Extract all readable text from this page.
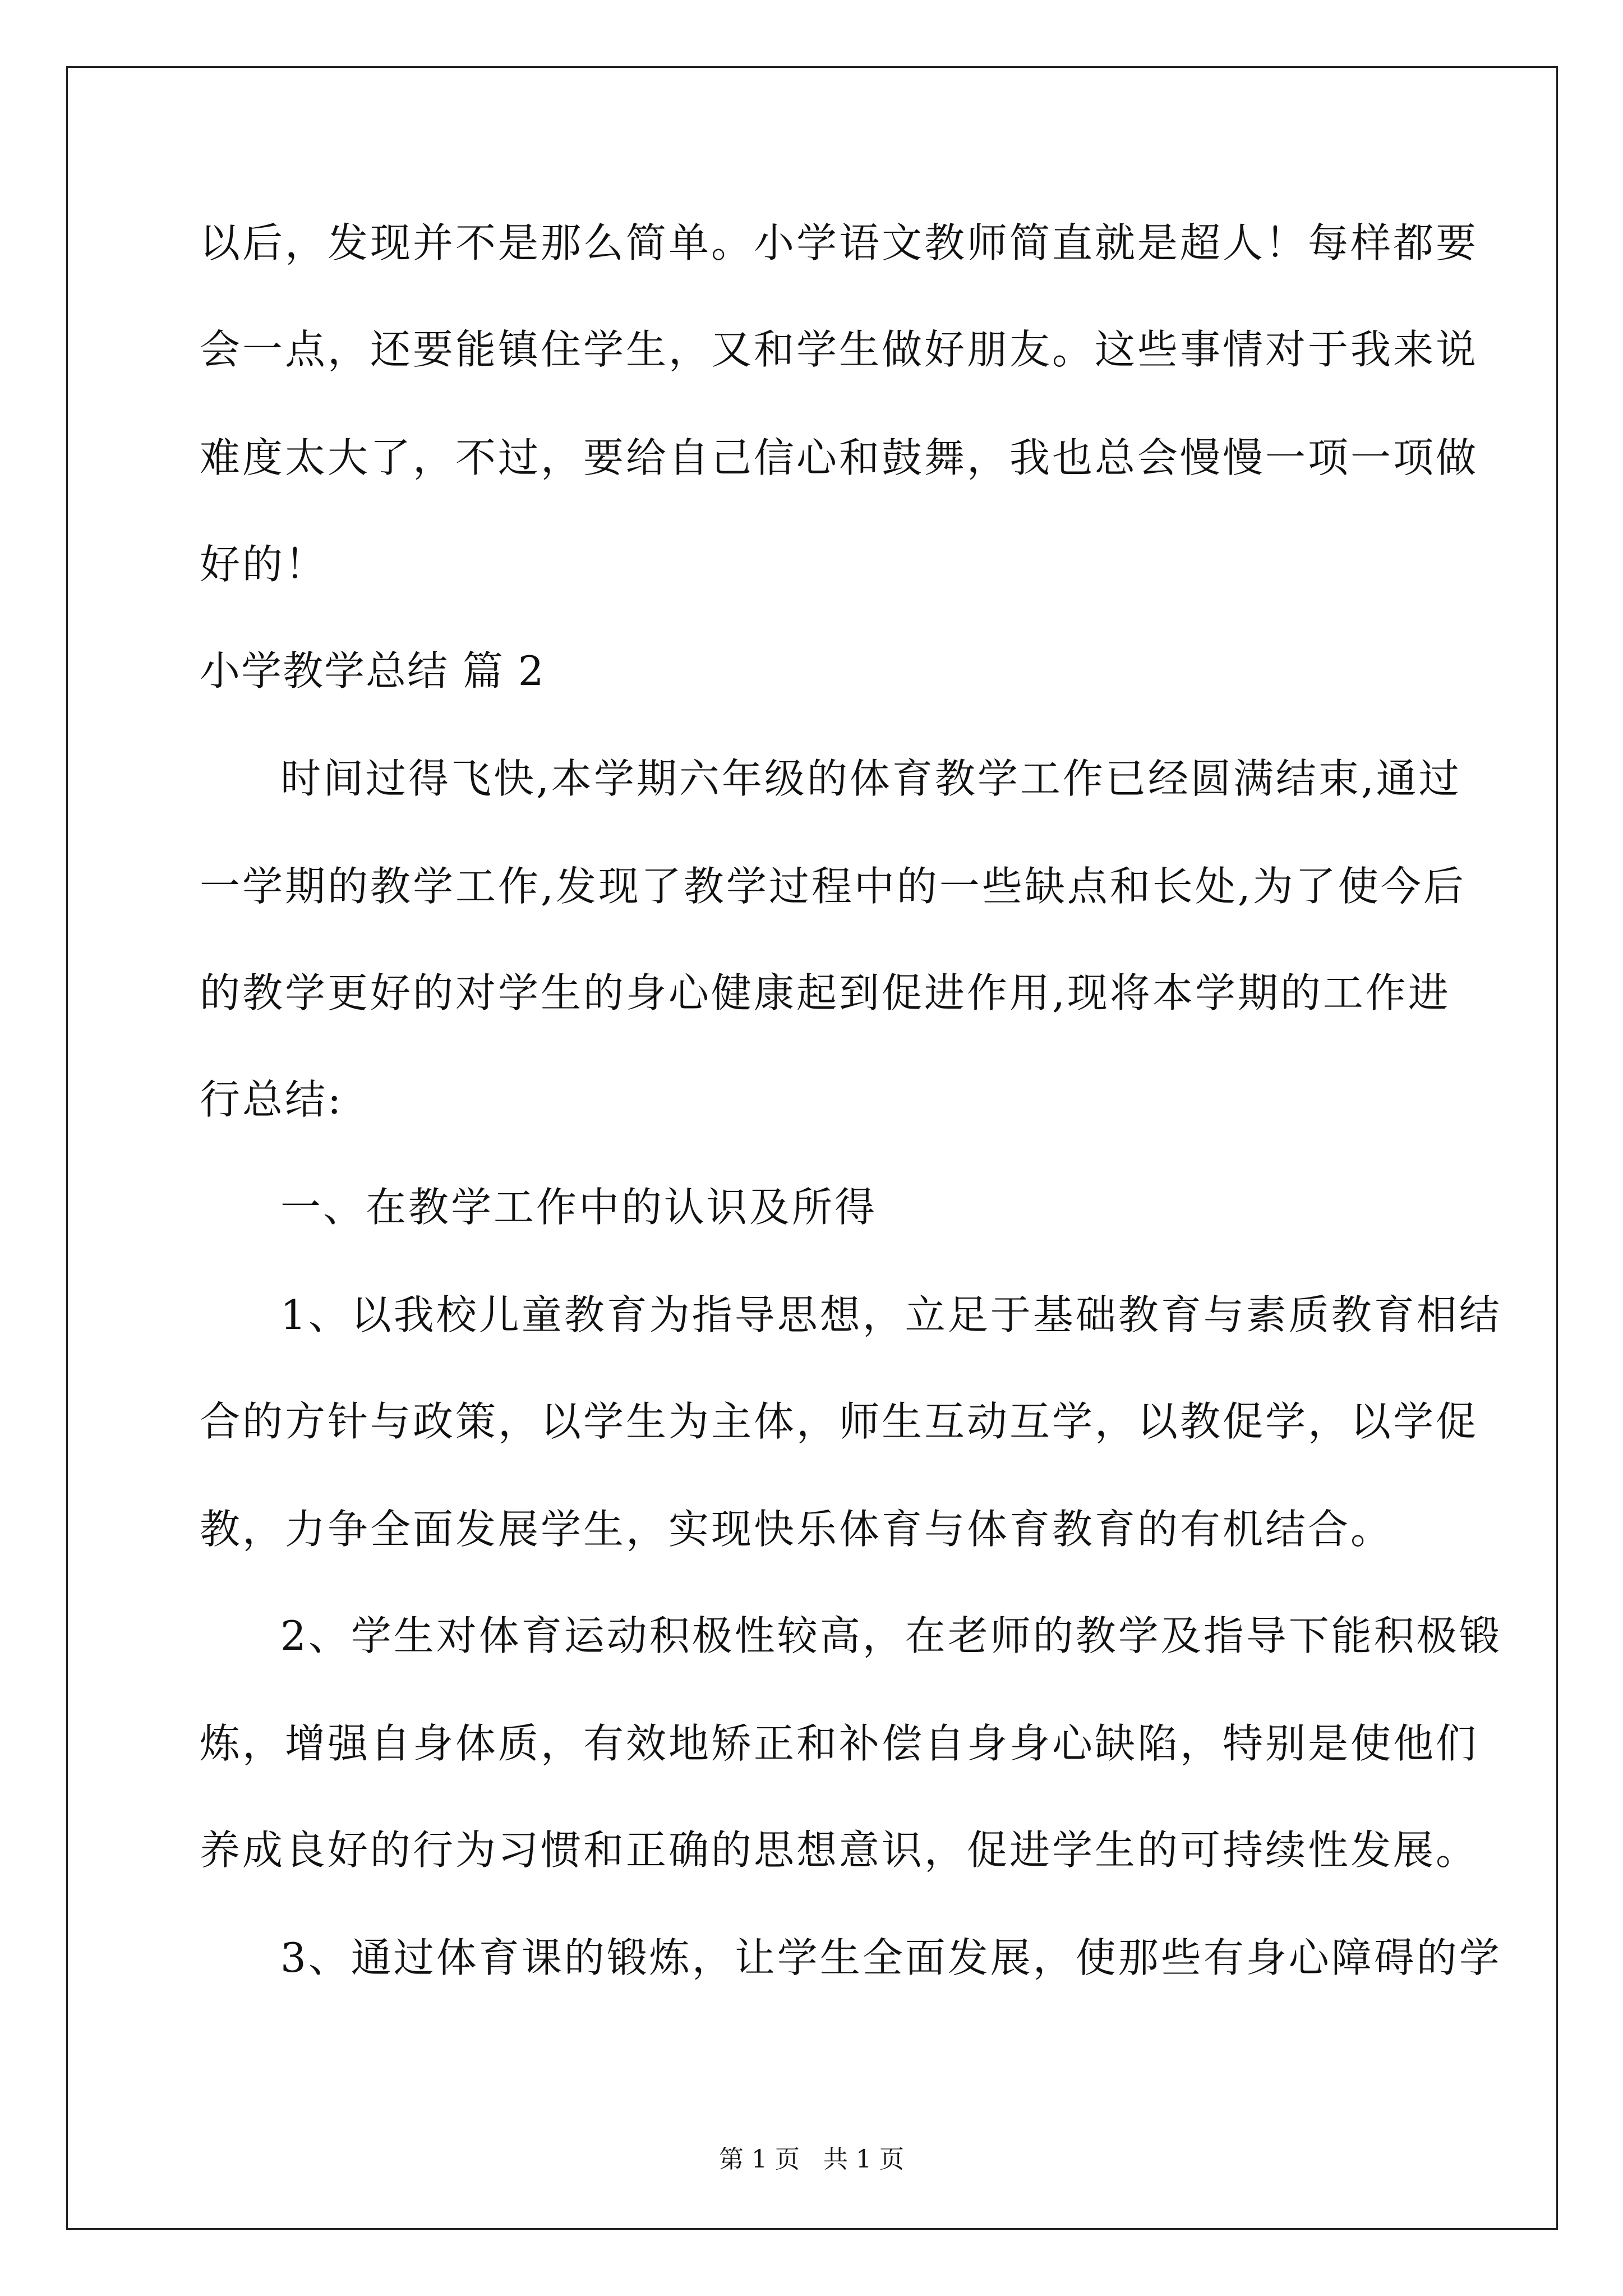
以后，发现并不是那么简单。小学语文教师简直就是超人！每样都要
会一点，还要能镇住学生，又和学生做好朋友。这些事情对于我来说
难度太大了，不过，要给自己信心和鼓舞，我也总会慢慢一项一项做
好的！
小学教学总结 篇 2
时间过得飞快,本学期六年级的体育教学工作已经圆满结束,通过
一学期的教学工作,发现了教学过程中的一些缺点和长处,为了使今后
的教学更好的对学生的身心健康起到促进作用,现将本学期的工作进
行总结:
一、在教学工作中的认识及所得
1、以我校儿童教育为指导思想，立足于基础教育与素质教育相结
合的方针与政策，以学生为主体，师生互动互学，以教促学，以学促
教，力争全面发展学生，实现快乐体育与体育教育的有机结合。
2、学生对体育运动积极性较高，在老师的教学及指导下能积极锻
炼，增强自身体质，有效地矫正和补偿自身身心缺陷，特别是使他们
养成良好的行为习惯和正确的思想意识，促进学生的可持续性发展。
3、通过体育课的锻炼，让学生全面发展，使那些有身心障碍的学
第 1 页   共 1 页
